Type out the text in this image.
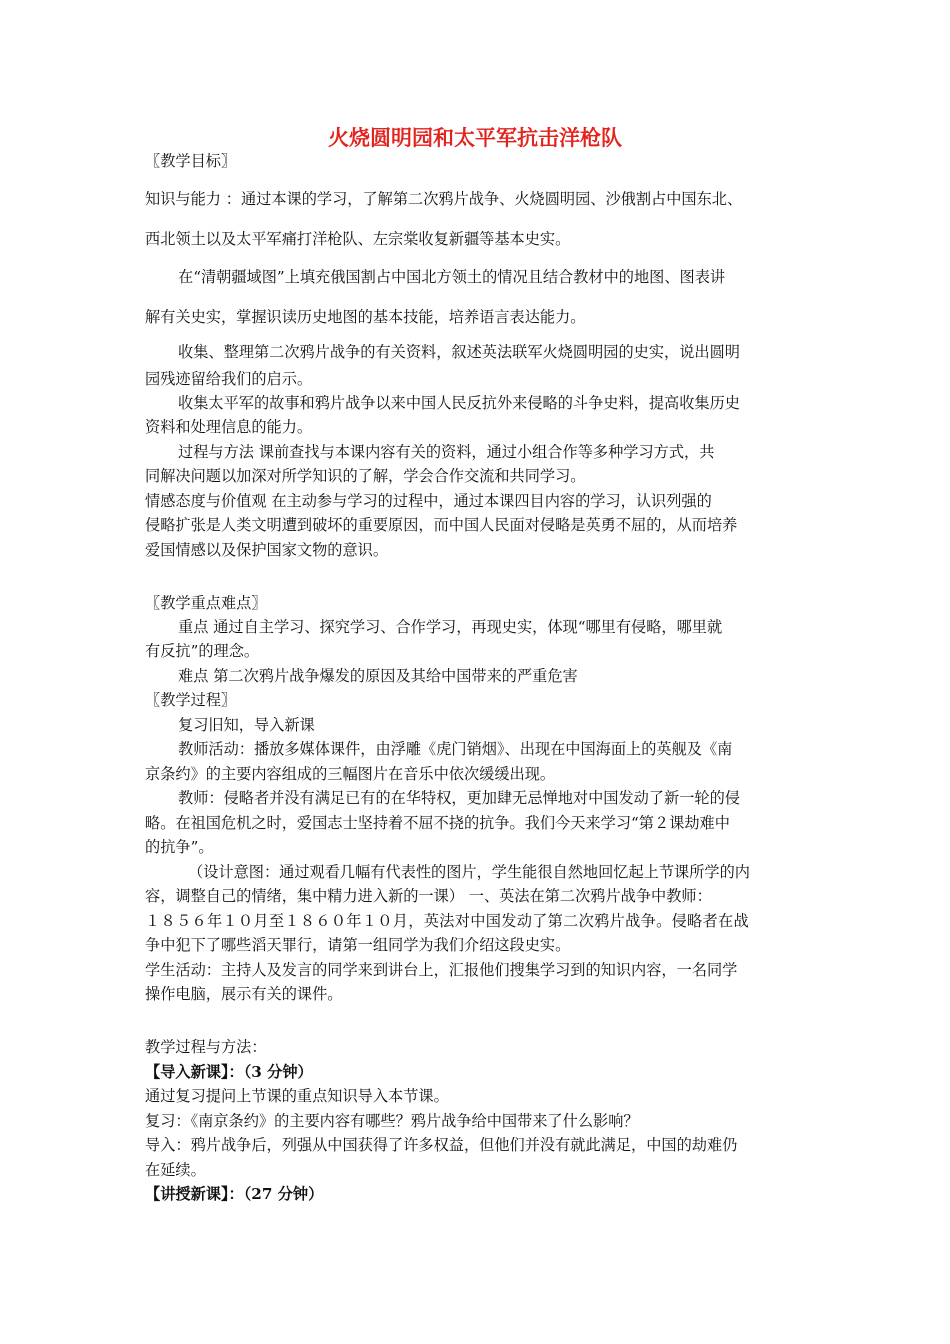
火烧圆明园和太平军抗击洋枪队
〖教学目标〗
知识与能力 ：通过本课的学习，了解第二次鸦片战争、火烧圆明园、沙俄割占中国东北、
西北领土以及太平军痛打洋枪队、左宗棠收复新疆等基本史实。
在“清朝疆域图”上填充俄国割占中国北方领土的情况且结合教材中的地图、图表讲
解有关史实，掌握识读历史地图的基本技能，培养语言表达能力。
收集、整理第二次鸦片战争的有关资料，叙述英法联军火烧圆明园的史实，说出圆明
园残迹留给我们的启示。
收集太平军的故事和鸦片战争以来中国人民反抗外来侵略的斗争史料，提高收集历史
资料和处理信息的能力。
过程与方法 课前查找与本课内容有关的资料，通过小组合作等多种学习方式，共
同解决问题以加深对所学知识的了解，学会合作交流和共同学习。
情感态度与价值观 在主动参与学习的过程中，通过本课四目内容的学习，认识列强的
侵略扩张是人类文明遭到破坏的重要原因，而中国人民面对侵略是英勇不屈的，从而培养
爱国情感以及保护国家文物的意识。
〖教学重点难点〗
重点 通过自主学习、探究学习、合作学习，再现史实，体现“哪里有侵略，哪里就
有反抗”的理念。
难点 第二次鸦片战争爆发的原因及其给中国带来的严重危害
〖教学过程〗
复习旧知，导入新课
教师活动：播放多媒体课件，由浮雕《虎门销烟》、出现在中国海面上的英舰及《南
京条约》的主要内容组成的三幅图片在音乐中依次缓缓出现。
教师：侵略者并没有满足已有的在华特权，更加肆无忌惮地对中国发动了新一轮的侵
略。在祖国危机之时，爱国志士坚持着不屈不挠的抗争。我们今天来学习“第２课劫难中
的抗争”。
（设计意图：通过观看几幅有代表性的图片，学生能很自然地回忆起上节课所学的内
容，调整自己的情绪，集中精力进入新的一课） 一、英法在第二次鸦片战争中教师：
１８５６年１０月至１８６０年１０月，英法对中国发动了第二次鸦片战争。侵略者在战
争中犯下了哪些滔天罪行，请第一组同学为我们介绍这段史实。
学生活动：主持人及发言的同学来到讲台上，汇报他们搜集学习到的知识内容，一名同学
操作电脑，展示有关的课件。
教学过程与方法：
【导入新课】：（3 分钟）
通过复习提问上节课的重点知识导入本节课。
复习：《南京条约》的主要内容有哪些？鸦片战争给中国带来了什么影响？
导入：鸦片战争后，列强从中国获得了许多权益，但他们并没有就此满足，中国的劫难仍
在延续。
【讲授新课】：（27 分钟）
